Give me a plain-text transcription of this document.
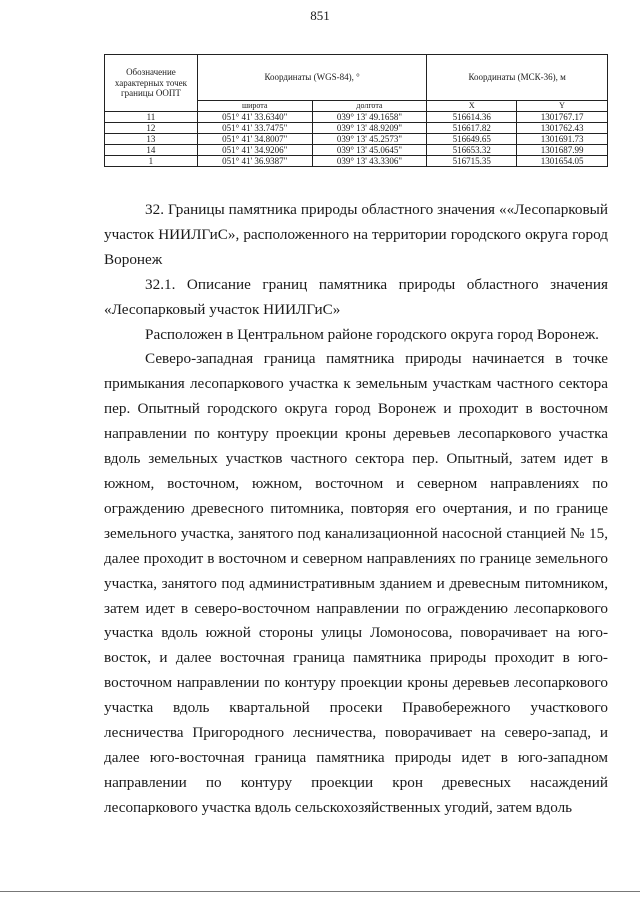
851
Обозначение характерных точек границы ООПТ	Координаты (WGS-84), °		Координаты (МСК-36), м	
	широта	долгота	X	Y
11	051° 41' 33.6340"	039° 13' 49.1658"	516614.36	1301767.17
12	051° 41' 33.7475"	039° 13' 48.9209"	516617.82	1301762.43
13	051° 41' 34.8007"	039° 13' 45.2573"	516649.65	1301691.73
14	051° 41' 34.9206"	039° 13' 45.0645"	516653.32	1301687.99
1	051° 41' 36.9387"	039° 13' 43.3306"	516715.35	1301654.05

32. Границы памятника природы областного значения ««Лесопарковый участок НИИЛГиС», расположенного на территории городского округа город Воронеж

32.1. Описание границ памятника природы областного значения «Лесопарковый участок НИИЛГиС»

Расположен в Центральном районе городского округа город Воронеж.

Северо-западная граница памятника природы начинается в точке примыкания лесопаркового участка к земельным участкам частного сектора пер. Опытный городского округа город Воронеж и проходит в восточном направлении по контуру проекции кроны деревьев лесопаркового участка вдоль земельных участков частного сектора пер. Опытный, затем идет в южном, восточном, южном, восточном и северном направлениях по ограждению древесного питомника, повторяя его очертания, и по границе земельного участка, занятого под канализационной насосной станцией № 15, далее проходит в восточном и северном направлениях по границе земельного участка, занятого под административным зданием и древесным питомником, затем идет в северо-восточном направлении по ограждению лесопаркового участка вдоль южной стороны улицы Ломоносова, поворачивает на юго-восток, и далее восточная граница памятника природы проходит в юго-восточном направлении по контуру проекции кроны деревьев лесопаркового участка вдоль квартальной просеки Правобережного участкового лесничества Пригородного лесничества, поворачивает на северо-запад, и далее юго-восточная граница памятника природы идет в юго-западном направлении по контуру проекции крон древесных насаждений лесопаркового участка вдоль сельскохозяйственных угодий, затем вдоль
